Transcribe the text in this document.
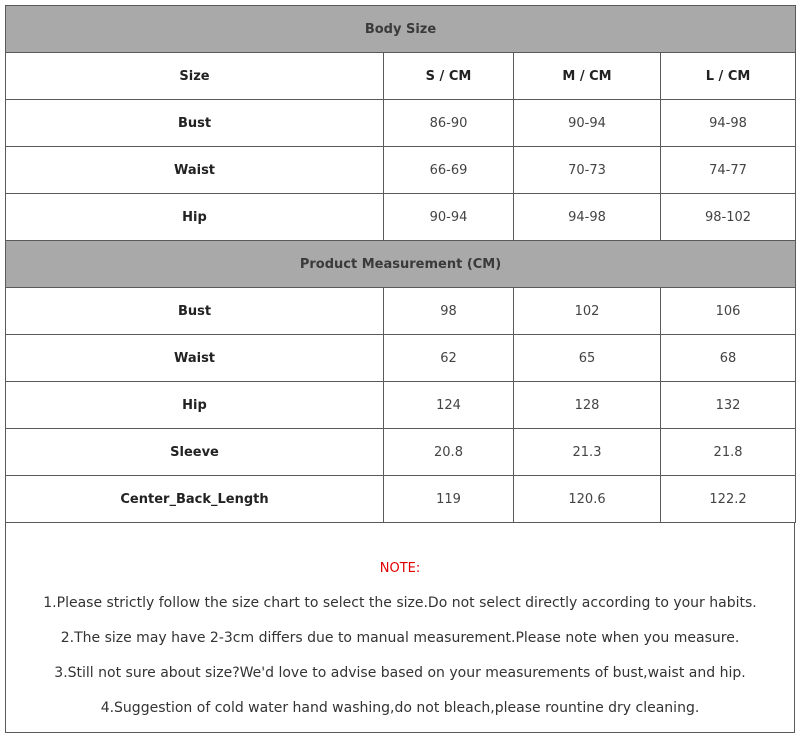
Body Size			
Size	S / CM	M / CM	L / CM
Bust	86-90	90-94	94-98
Waist	66-69	70-73	74-77
Hip	90-94	94-98	98-102
Product Measurement (CM)			
Bust	98	102	106
Waist	62	65	68
Hip	124	128	132
Sleeve	20.8	21.3	21.8
Center_Back_Length	119	120.6	122.2

NOTE:

1.Please strictly follow the size chart to select the size.Do not select directly according to your habits.

2.The size may have 2-3cm differs due to manual measurement.Please note when you measure.

3.Still not sure about size?We'd love to advise based on your measurements of bust,waist and hip.

4.Suggestion of cold water hand washing,do not bleach,please rountine dry cleaning.
